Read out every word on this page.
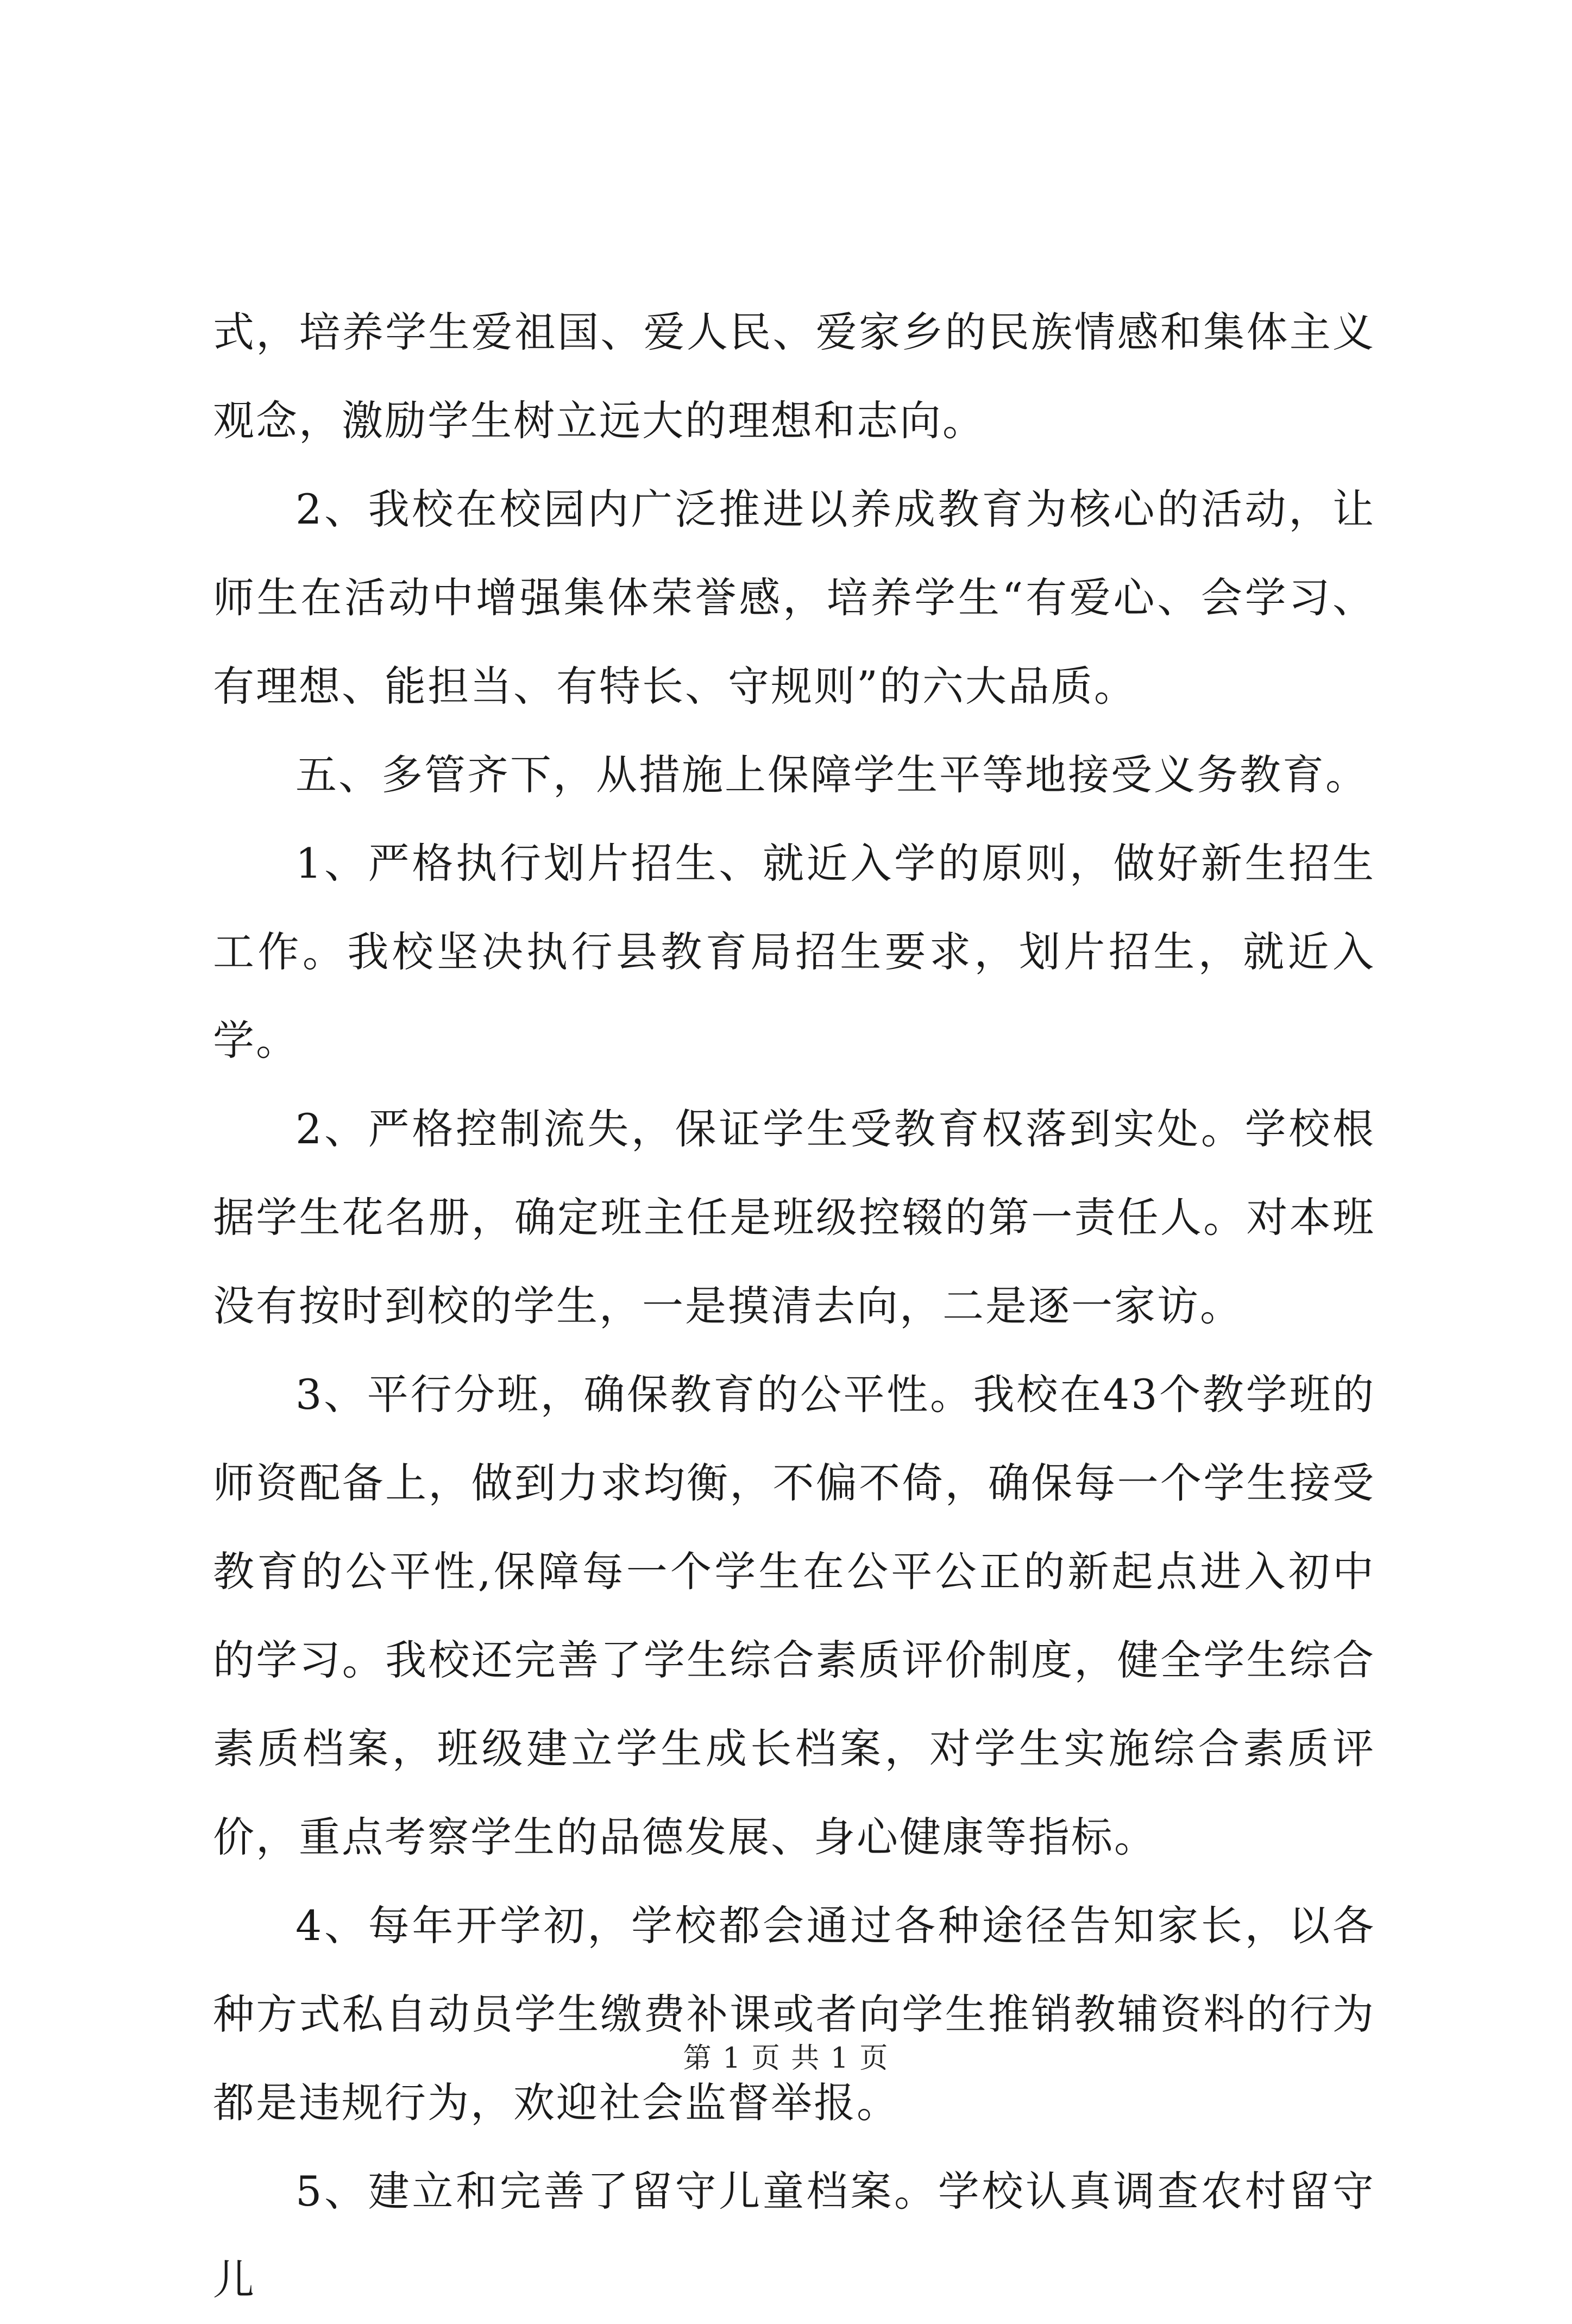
式，培养学生爱祖国、爱人民、爱家乡的民族情感和集体主义观念，激励学生树立远大的理想和志向。

2、我校在校园内广泛推进以养成教育为核心的活动，让师生在活动中增强集体荣誉感，培养学生“有爱心、会学习、有理想、能担当、有特长、守规则”的六大品质。

五、多管齐下，从措施上保障学生平等地接受义务教育。

1、严格执行划片招生、就近入学的原则，做好新生招生工作。我校坚决执行县教育局招生要求，划片招生，就近入学。

2、严格控制流失，保证学生受教育权落到实处。学校根据学生花名册，确定班主任是班级控辍的第一责任人。对本班没有按时到校的学生，一是摸清去向，二是逐一家访。

3、平行分班，确保教育的公平性。我校在43个教学班的师资配备上，做到力求均衡，不偏不倚，确保每一个学生接受教育的公平性,保障每一个学生在公平公正的新起点进入初中的学习。我校还完善了学生综合素质评价制度，健全学生综合素质档案，班级建立学生成长档案，对学生实施综合素质评价，重点考察学生的品德发展、身心健康等指标。

4、每年开学初，学校都会通过各种途径告知家长，以各种方式私自动员学生缴费补课或者向学生推销教辅资料的行为都是违规行为，欢迎社会监督举报。

5、建立和完善了留守儿童档案。学校认真调查农村留守儿

第 1 页 共 1 页
